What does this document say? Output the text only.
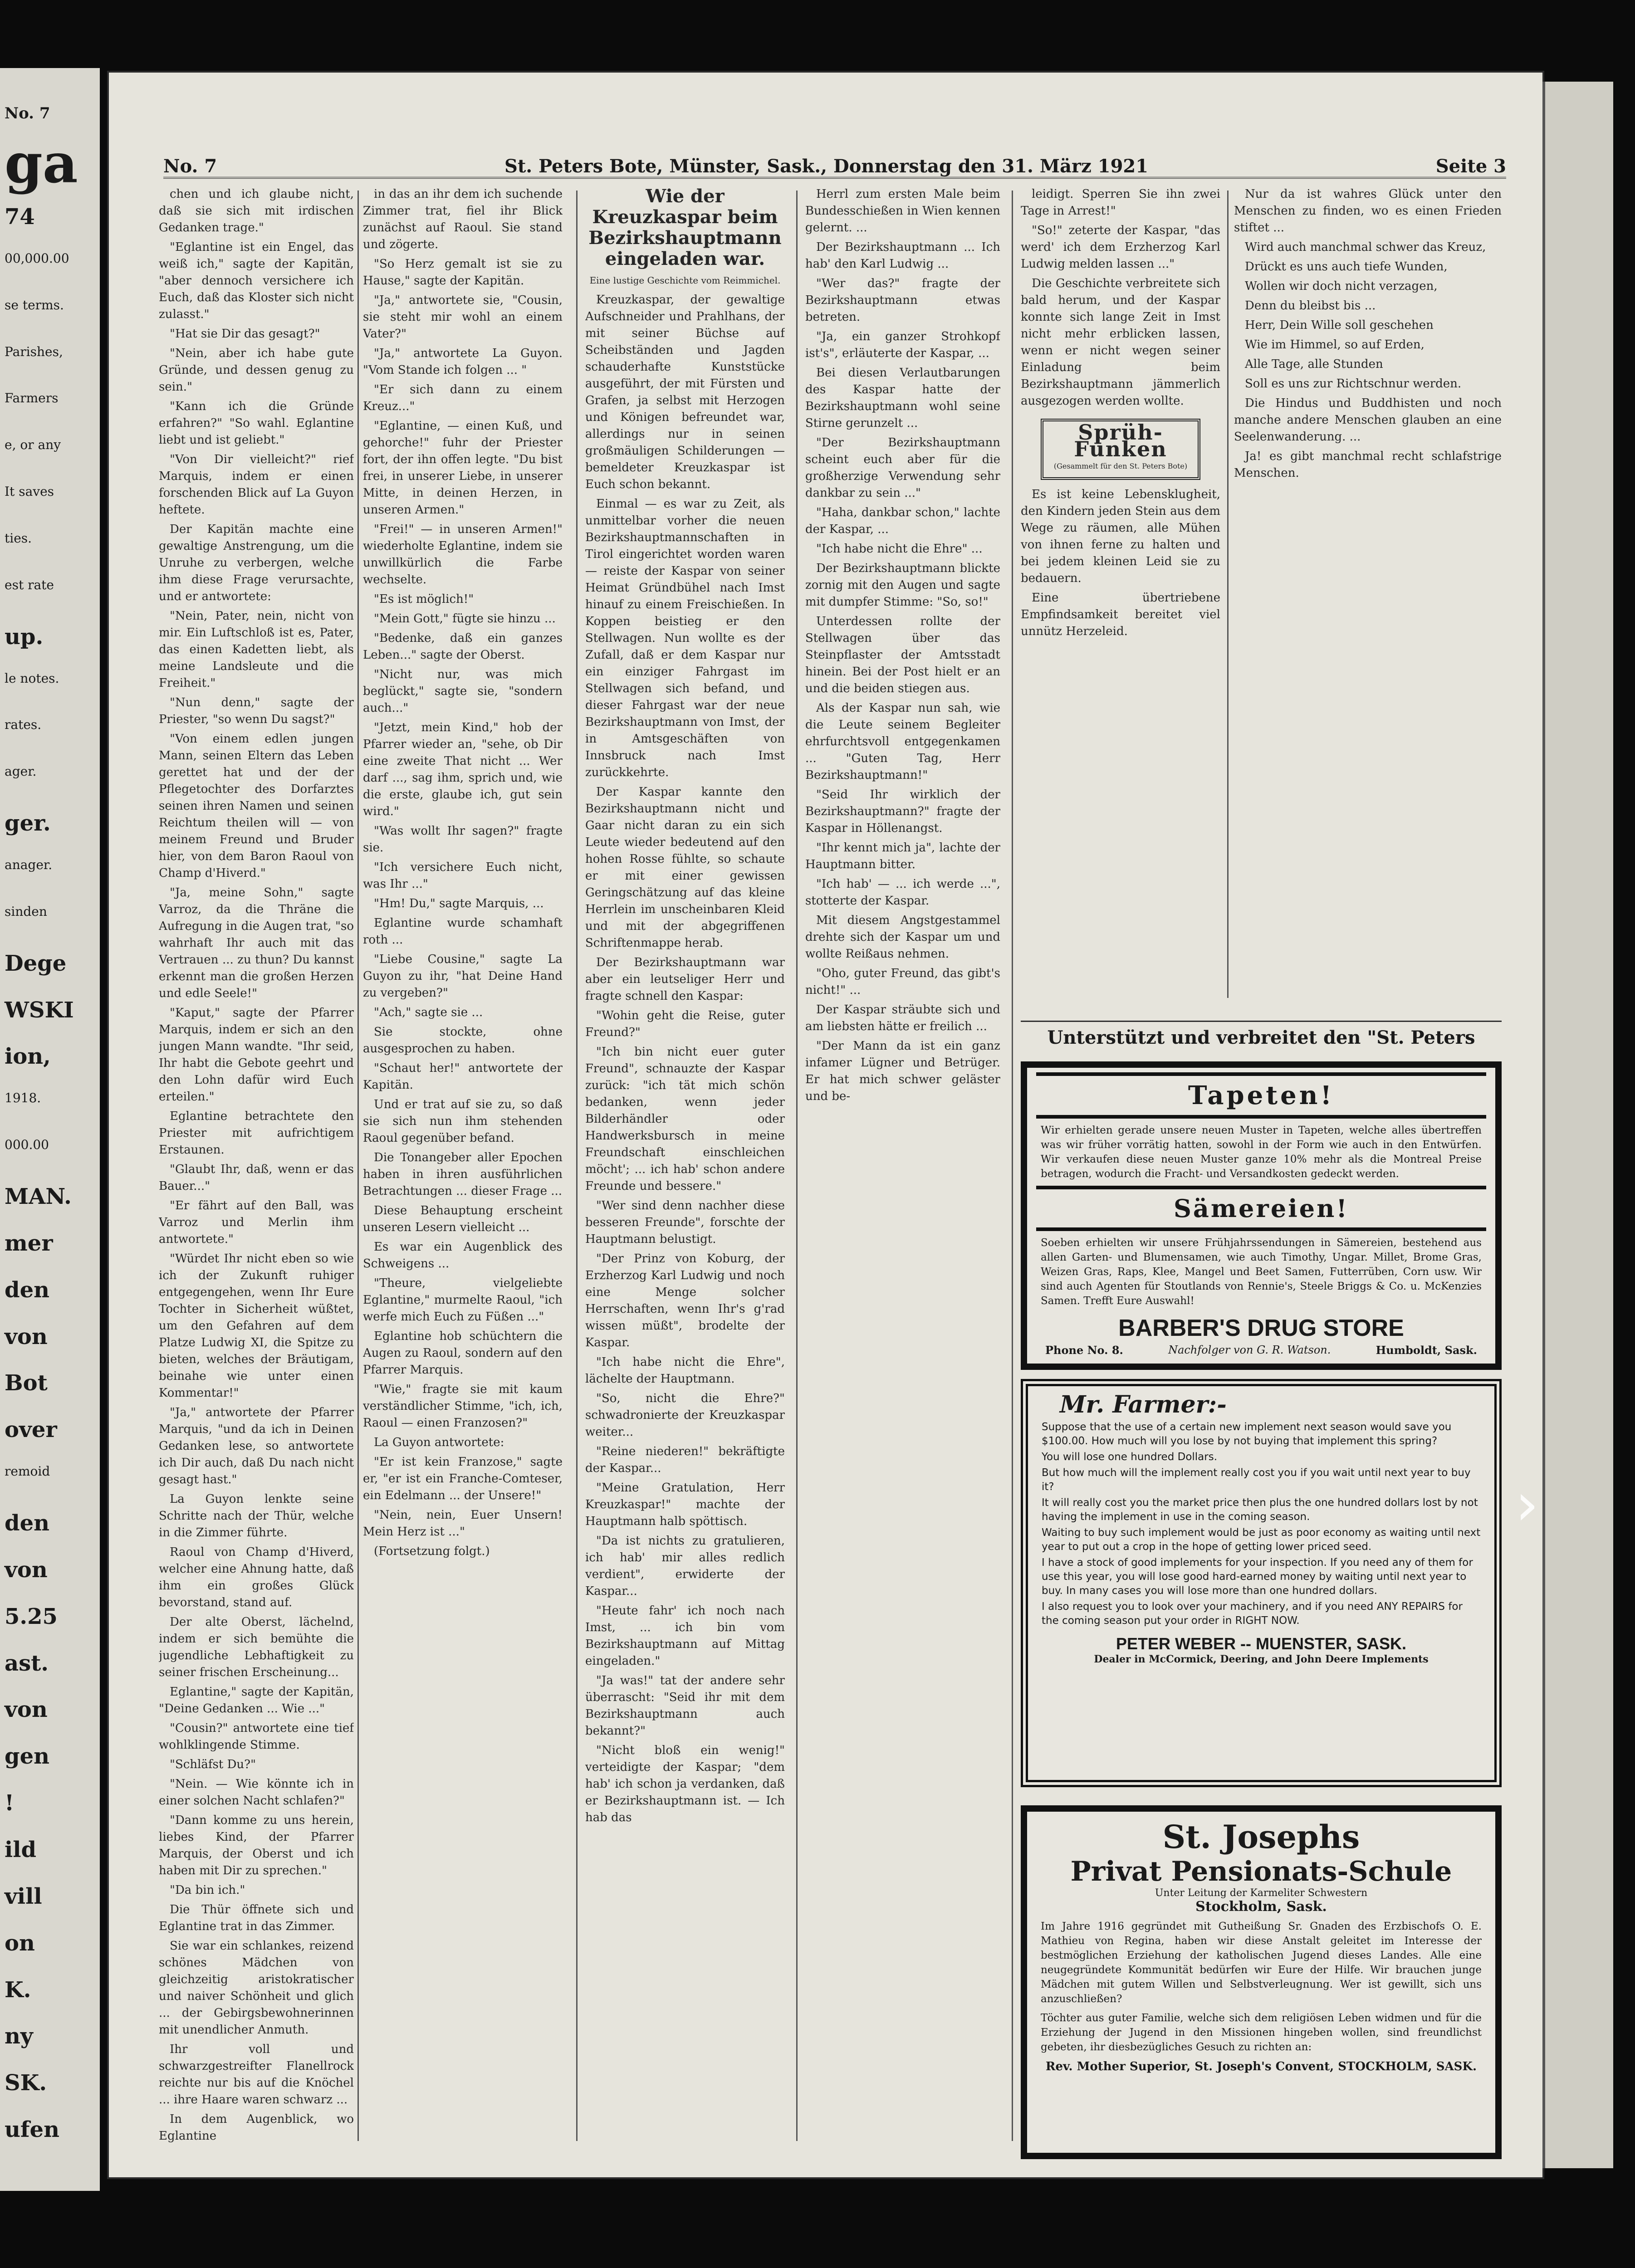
No. 7
ga
74
00,000.00
se terms.
Parishes,
Farmers
e, or any
It saves
ties.
est rate
up.
le notes.
rates.
ager.
ger.
anager.
sinden
Dege
WSKI
ion,
1918.
000.00
MAN.
mer
den
von
Bot
over
remoid
den
von
5.25
ast.
von
gen
!
ild
vill
on
K.
ny
SK.
ufen
No. 7	St. Peters Bote, Münster, Sask., Donnerstag den 31. März 1921	Seite 3

chen und ich glaube nicht, daß sie sich mit irdischen Gedanken trage."

"Eglantine ist ein Engel, das weiß ich," sagte der Kapitän, "aber dennoch versichere ich Euch, daß das Kloster sich nicht zulasst."

"Hat sie Dir das gesagt?"

"Nein, aber ich habe gute Gründe, und dessen genug zu sein."

"Kann ich die Gründe erfahren?" "So wahl. Eglantine liebt und ist geliebt."

"Von Dir vielleicht?" rief Marquis, indem er einen forschenden Blick auf La Guyon heftete.

Der Kapitän machte eine gewaltige Anstrengung, um die Unruhe zu verbergen, welche ihm diese Frage verursachte, und er antwortete:

"Nein, Pater, nein, nicht von mir. Ein Luftschloß ist es, Pater, das einen Kadetten liebt, als meine Landsleute und die Freiheit."

"Nun denn," sagte der Priester, "so wenn Du sagst?"

"Von einem edlen jungen Mann, seinen Eltern das Leben gerettet hat und der der Pflegetochter des Dorfarztes seinen ihren Namen und seinen Reichtum theilen will — von meinem Freund und Bruder hier, von dem Baron Raoul von Champ d'Hiverd."

"Ja, meine Sohn," sagte Varroz, da die Thräne die Aufregung in die Augen trat, "so wahrhaft Ihr auch mit das Vertrauen ... zu thun? Du kannst erkennt man die großen Herzen und edle Seele!"

"Kaput," sagte der Pfarrer Marquis, indem er sich an den jungen Mann wandte. "Ihr seid, Ihr habt die Gebote geehrt und den Lohn dafür wird Euch erteilen."

Eglantine betrachtete den Priester mit aufrichtigem Erstaunen.

"Glaubt Ihr, daß, wenn er das Bauer..."

"Er fährt auf den Ball, was Varroz und Merlin ihm antwortete."

"Würdet Ihr nicht eben so wie ich der Zukunft ruhiger entgegengehen, wenn Ihr Eure Tochter in Sicherheit wüßtet, um den Gefahren auf dem Platze Ludwig XI, die Spitze zu bieten, welches der Bräutigam, beinahe wie unter einen Kommentar!"

"Ja," antwortete der Pfarrer Marquis, "und da ich in Deinen Gedanken lese, so antwortete ich Dir auch, daß Du nach nicht gesagt hast."

La Guyon lenkte seine Schritte nach der Thür, welche in die Zimmer führte.

Raoul von Champ d'Hiverd, welcher eine Ahnung hatte, daß ihm ein großes Glück bevorstand, stand auf.

Der alte Oberst, lächelnd, indem er sich bemühte die jugendliche Lebhaftigkeit zu seiner frischen Erscheinung...

Eglantine," sagte der Kapitän, "Deine Gedanken ... Wie ..."

"Cousin?" antwortete eine tief wohlklingende Stimme.

"Schläfst Du?"

"Nein. — Wie könnte ich in einer solchen Nacht schlafen?"

"Dann komme zu uns herein, liebes Kind, der Pfarrer Marquis, der Oberst und ich haben mit Dir zu sprechen."

"Da bin ich."

Die Thür öffnete sich und Eglantine trat in das Zimmer.

Sie war ein schlankes, reizend schönes Mädchen von gleichzeitig aristokratischer und naiver Schönheit und glich ... der Gebirgsbewohnerinnen mit unendlicher Anmuth.

Ihr voll und schwarzgestreifter Flanellrock reichte nur bis auf die Knöchel ... ihre Haare waren schwarz ...

In dem Augenblick, wo Eglantine

in das an ihr dem ich suchende Zimmer trat, fiel ihr Blick zunächst auf Raoul. Sie stand und zögerte.

"So Herz gemalt ist sie zu Hause," sagte der Kapitän.

"Ja," antwortete sie, "Cousin, sie steht mir wohl an einem Vater?"

"Ja," antwortete La Guyon. "Vom Stande ich folgen ... "

"Er sich dann zu einem Kreuz..."

"Eglantine, — einen Kuß, und gehorche!" fuhr der Priester fort, der ihn offen legte. "Du bist frei, in unserer Liebe, in unserer Mitte, in deinen Herzen, in unseren Armen."

"Frei!" — in unseren Armen!" wiederholte Eglantine, indem sie unwillkürlich die Farbe wechselte.

"Es ist möglich!"

"Mein Gott," fügte sie hinzu ...

"Bedenke, daß ein ganzes Leben..." sagte der Oberst.

"Nicht nur, was mich beglückt," sagte sie, "sondern auch..."

"Jetzt, mein Kind," hob der Pfarrer wieder an, "sehe, ob Dir eine zweite That nicht ... Wer darf ..., sag ihm, sprich und, wie die erste, glaube ich, gut sein wird."

"Was wollt Ihr sagen?" fragte sie.

"Ich versichere Euch nicht, was Ihr ..."

"Hm! Du," sagte Marquis, ...

Eglantine wurde schamhaft roth ...

"Liebe Cousine," sagte La Guyon zu ihr, "hat Deine Hand zu vergeben?"

"Ach," sagte sie ...

Sie stockte, ohne ausgesprochen zu haben.

"Schaut her!" antwortete der Kapitän.

Und er trat auf sie zu, so daß sie sich nun ihm stehenden Raoul gegenüber befand.

Die Tonangeber aller Epochen haben in ihren ausführlichen Betrachtungen ... dieser Frage ...

Diese Behauptung erscheint unseren Lesern vielleicht ...

Es war ein Augenblick des Schweigens ...

"Theure, vielgeliebte Eglantine," murmelte Raoul, "ich werfe mich Euch zu Füßen ..."

Eglantine hob schüchtern die Augen zu Raoul, sondern auf den Pfarrer Marquis.

"Wie," fragte sie mit kaum verständlicher Stimme, "ich, ich, Raoul — einen Franzosen?"

La Guyon antwortete:

"Er ist kein Franzose," sagte er, "er ist ein Franche-Comteser, ein Edelmann ... der Unsere!"

"Nein, nein, Euer Unsern! Mein Herz ist ..."

(Fortsetzung folgt.)

Wie der Kreuzkaspar beim Bezirkshauptmann eingeladen war.

Eine lustige Geschichte vom Reimmichel.

Kreuzkaspar, der gewaltige Aufschneider und Prahlhans, der mit seiner Büchse auf Scheibständen und Jagden schauderhafte Kunststücke ausgeführt, der mit Fürsten und Grafen, ja selbst mit Herzogen und Königen befreundet war, allerdings nur in seinen großmäuligen Schilderungen — bemeldeter Kreuzkaspar ist Euch schon bekannt.

Einmal — es war zu Zeit, als unmittelbar vorher die neuen Bezirkshauptmannschaften in Tirol eingerichtet worden waren — reiste der Kaspar von seiner Heimat Gründbühel nach Imst hinauf zu einem Freischießen. In Koppen beistieg er den Stellwagen. Nun wollte es der Zufall, daß er dem Kaspar nur ein einziger Fahrgast im Stellwagen sich befand, und dieser Fahrgast war der neue Bezirkshauptmann von Imst, der in Amtsgeschäften von Innsbruck nach Imst zurückkehrte.

Der Kaspar kannte den Bezirkshauptmann nicht und Gaar nicht daran zu ein sich Leute wieder bedeutend auf den hohen Rosse fühlte, so schaute er mit einer gewissen Geringschätzung auf das kleine Herrlein im unscheinbaren Kleid und mit der abgegriffenen Schriftenmappe herab.

Der Bezirkshauptmann war aber ein leutseliger Herr und fragte schnell den Kaspar:

"Wohin geht die Reise, guter Freund?"

"Ich bin nicht euer guter Freund", schnauzte der Kaspar zurück: "ich tät mich schön bedanken, wenn jeder Bilderhändler oder Handwerksbursch in meine Freundschaft einschleichen möcht'; ... ich hab' schon andere Freunde und bessere."

"Wer sind denn nachher diese besseren Freunde", forschte der Hauptmann belustigt.

"Der Prinz von Koburg, der Erzherzog Karl Ludwig und noch eine Menge solcher Herrschaften, wenn Ihr's g'rad wissen müßt", brodelte der Kaspar.

"Ich habe nicht die Ehre", lächelte der Hauptmann.

"So, nicht die Ehre?" schwadronierte der Kreuzkaspar weiter...

"Reine niederen!" bekräftigte der Kaspar...

"Meine Gratulation, Herr Kreuzkaspar!" machte der Hauptmann halb spöttisch.

"Da ist nichts zu gratulieren, ich hab' mir alles redlich verdient", erwiderte der Kaspar...

"Heute fahr' ich noch nach Imst, ... ich bin vom Bezirkshauptmann auf Mittag eingeladen."

"Ja was!" tat der andere sehr überrascht: "Seid ihr mit dem Bezirkshauptmann auch bekannt?"

"Nicht bloß ein wenig!" verteidigte der Kaspar; "dem hab' ich schon ja verdanken, daß er Bezirkshauptmann ist. — Ich hab das

Herrl zum ersten Male beim Bundesschießen in Wien kennen gelernt. ...

Der Bezirkshauptmann ... Ich hab' den Karl Ludwig ...

"Wer das?" fragte der Bezirkshauptmann etwas betreten.

"Ja, ein ganzer Strohkopf ist's", erläuterte der Kaspar, ...

Bei diesen Verlautbarungen des Kaspar hatte der Bezirkshauptmann wohl seine Stirne gerunzelt ...

"Der Bezirkshauptmann scheint euch aber für die großherzige Verwendung sehr dankbar zu sein ..."

"Haha, dankbar schon," lachte der Kaspar, ...

"Ich habe nicht die Ehre" ...

Der Bezirkshauptmann blickte zornig mit den Augen und sagte mit dumpfer Stimme: "So, so!"

Unterdessen rollte der Stellwagen über das Steinpflaster der Amtsstadt hinein. Bei der Post hielt er an und die beiden stiegen aus.

Als der Kaspar nun sah, wie die Leute seinem Begleiter ehrfurchtsvoll entgegenkamen ... "Guten Tag, Herr Bezirkshauptmann!"

"Seid Ihr wirklich der Bezirkshauptmann?" fragte der Kaspar in Höllenangst.

"Ihr kennt mich ja", lachte der Hauptmann bitter.

"Ich hab' — ... ich werde ...", stotterte der Kaspar.

Mit diesem Angstgestammel drehte sich der Kaspar um und wollte Reißaus nehmen.

"Oho, guter Freund, das gibt's nicht!" ...

Der Kaspar sträubte sich und am liebsten hätte er freilich ...

"Der Mann da ist ein ganz infamer Lügner und Betrüger. Er hat mich schwer geläster und be-

leidigt. Sperren Sie ihn zwei Tage in Arrest!"

"So!" zeterte der Kaspar, "das werd' ich dem Erzherzog Karl Ludwig melden lassen ..."

Die Geschichte verbreitete sich bald herum, und der Kaspar konnte sich lange Zeit in Imst nicht mehr erblicken lassen, wenn er nicht wegen seiner Einladung beim Bezirkshauptmann jämmerlich ausgezogen werden wollte.

Sprüh-Funken
(Gesammelt für den St. Peters Bote)

Es ist keine Lebensklugheit, den Kindern jeden Stein aus dem Wege zu räumen, alle Mühen von ihnen ferne zu halten und bei jedem kleinen Leid sie zu bedauern.

Eine übertriebene Empfindsamkeit bereitet viel unnütz Herzeleid.

Nur da ist wahres Glück unter den Menschen zu finden, wo es einen Frieden stiftet ...

Wird auch manchmal schwer das Kreuz,

Drückt es uns auch tiefe Wunden,

Wollen wir doch nicht verzagen,

Denn du bleibst bis ...

Herr, Dein Wille soll geschehen

Wie im Himmel, so auf Erden,

Alle Tage, alle Stunden

Soll es uns zur Richtschnur werden.

Die Hindus und Buddhisten und noch manche andere Menschen glauben an eine Seelenwanderung. ...

Ja! es gibt manchmal recht schlafstrige Menschen.

Unterstützt und verbreitet den "St. Peters
Tapeten!
Wir erhielten gerade unsere neuen Muster in Tapeten, welche alles übertreffen was wir früher vorrätig hatten, sowohl in der Form wie auch in den Entwürfen. Wir verkaufen diese neuen Muster ganze 10% mehr als die Montreal Preise betragen, wodurch die Fracht- und Versandkosten gedeckt werden.
Sämereien!
Soeben erhielten wir unsere Frühjahrssendungen in Sämereien, bestehend aus allen Garten- und Blumensamen, wie auch Timothy, Ungar. Millet, Brome Gras, Weizen Gras, Raps, Klee, Mangel und Beet Samen, Futterrüben, Corn usw. Wir sind auch Agenten für Stoutlands von Rennie's, Steele Briggs & Co. u. McKenzies Samen. Trefft Eure Auswahl!
BARBER'S DRUG STORE
Phone No. 8.	Nachfolger von G. R. Watson.	Humboldt, Sask.
Mr. Farmer:-

Suppose that the use of a certain new implement next season would save you $100.00. How much will you lose by not buying that implement this spring?

You will lose one hundred Dollars.

But how much will the implement really cost you if you wait until next year to buy it?

It will really cost you the market price then plus the one hundred dollars lost by not having the implement in use in the coming season.

Waiting to buy such implement would be just as poor economy as waiting until next year to put out a crop in the hope of getting lower priced seed.

I have a stock of good implements for your inspection. If you need any of them for use this year, you will lose good hard-earned money by waiting until next year to buy. In many cases you will lose more than one hundred dollars.

I also request you to look over your machinery, and if you need ANY REPAIRS for the coming season put your order in RIGHT NOW.

PETER WEBER -- MUENSTER, SASK.
Dealer in McCormick, Deering, and John Deere Implements
St. Josephs
Privat Pensionats-Schule
Unter Leitung der Karmeliter Schwestern
Stockholm, Sask.
Im Jahre 1916 gegründet mit Gutheißung Sr. Gnaden des Erzbischofs O. E. Mathieu von Regina, haben wir diese Anstalt geleitet im Interesse der bestmöglichen Erziehung der katholischen Jugend dieses Landes. Alle eine neugegründete Kommunität bedürfen wir Eure der Hilfe. Wir brauchen junge Mädchen mit gutem Willen und Selbstverleugnung. Wer ist gewillt, sich uns anzuschließen?
Töchter aus guter Familie, welche sich dem religiösen Leben widmen und für die Erziehung der Jugend in den Missionen hingeben wollen, sind freundlichst gebeten, ihr diesbezügliches Gesuch zu richten an:
Rev. Mother Superior, St. Joseph's Convent, STOCKHOLM, SASK.
›
